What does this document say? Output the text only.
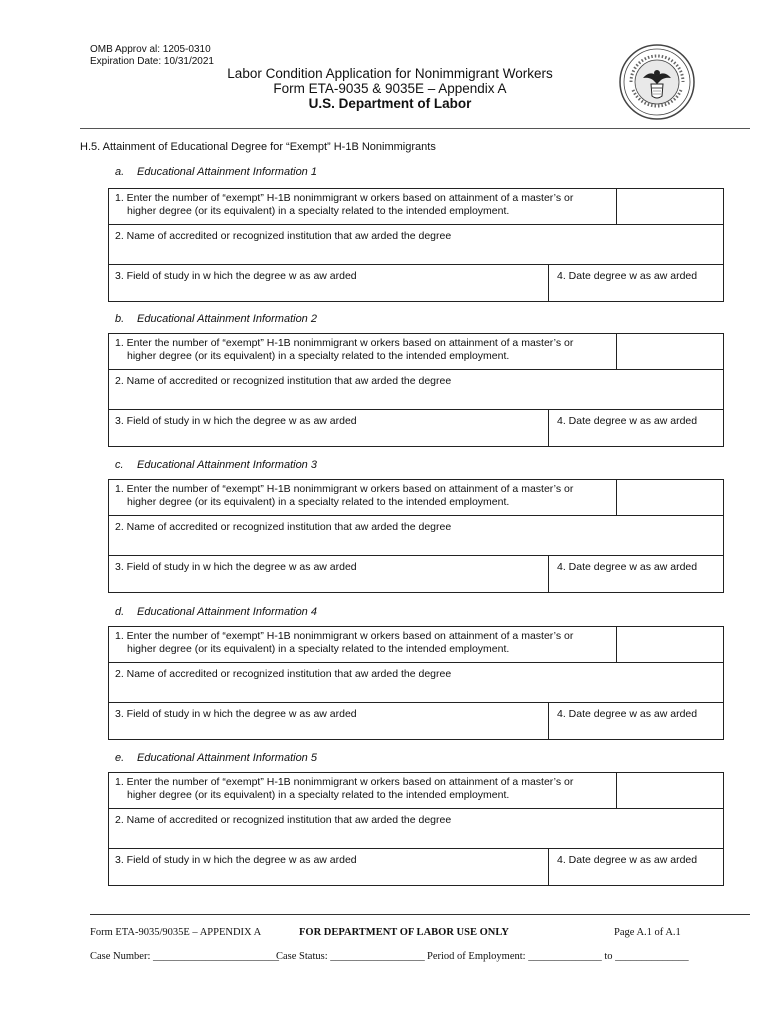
OMB Approv al: 1205-0310
Expiration Date: 10/31/2021
Labor Condition Application for Nonimmigrant Workers
Form ETA-9035 & 9035E – Appendix A
U.S. Department of Labor
H.5. Attainment of Educational Degree for “Exempt” H-1B Nonimmigrants
a. Educational Attainment Information 1
1. Enter the number of “exempt” H-1B nonimmigrant w orkers based on attainment of a master’s or
higher degree (or its equivalent) in a specialty related to the intended employment.
2. Name of accredited or recognized institution that aw arded the degree
3. Field of study in w hich the degree w as aw arded	4. Date degree w as aw arded
b. Educational Attainment Information 2
1. Enter the number of “exempt” H-1B nonimmigrant w orkers based on attainment of a master’s or
higher degree (or its equivalent) in a specialty related to the intended employment.
2. Name of accredited or recognized institution that aw arded the degree
3. Field of study in w hich the degree w as aw arded	4. Date degree w as aw arded
c. Educational Attainment Information 3
1. Enter the number of “exempt” H-1B nonimmigrant w orkers based on attainment of a master’s or
higher degree (or its equivalent) in a specialty related to the intended employment.
2. Name of accredited or recognized institution that aw arded the degree
3. Field of study in w hich the degree w as aw arded	4. Date degree w as aw arded
d. Educational Attainment Information 4
1. Enter the number of “exempt” H-1B nonimmigrant w orkers based on attainment of a master’s or
higher degree (or its equivalent) in a specialty related to the intended employment.
2. Name of accredited or recognized institution that aw arded the degree
3. Field of study in w hich the degree w as aw arded	4. Date degree w as aw arded
e. Educational Attainment Information 5
1. Enter the number of “exempt” H-1B nonimmigrant w orkers based on attainment of a master’s or
higher degree (or its equivalent) in a specialty related to the intended employment.
2. Name of accredited or recognized institution that aw arded the degree
3. Field of study in w hich the degree w as aw arded	4. Date degree w as aw arded
Form ETA-9035/9035E – APPENDIX A	FOR DEPARTMENT OF LABOR USE ONLY	Page A.1 of A.1
Case Number: ________________________
Case Status: __________________ Period of Employment: ______________ to ______________
